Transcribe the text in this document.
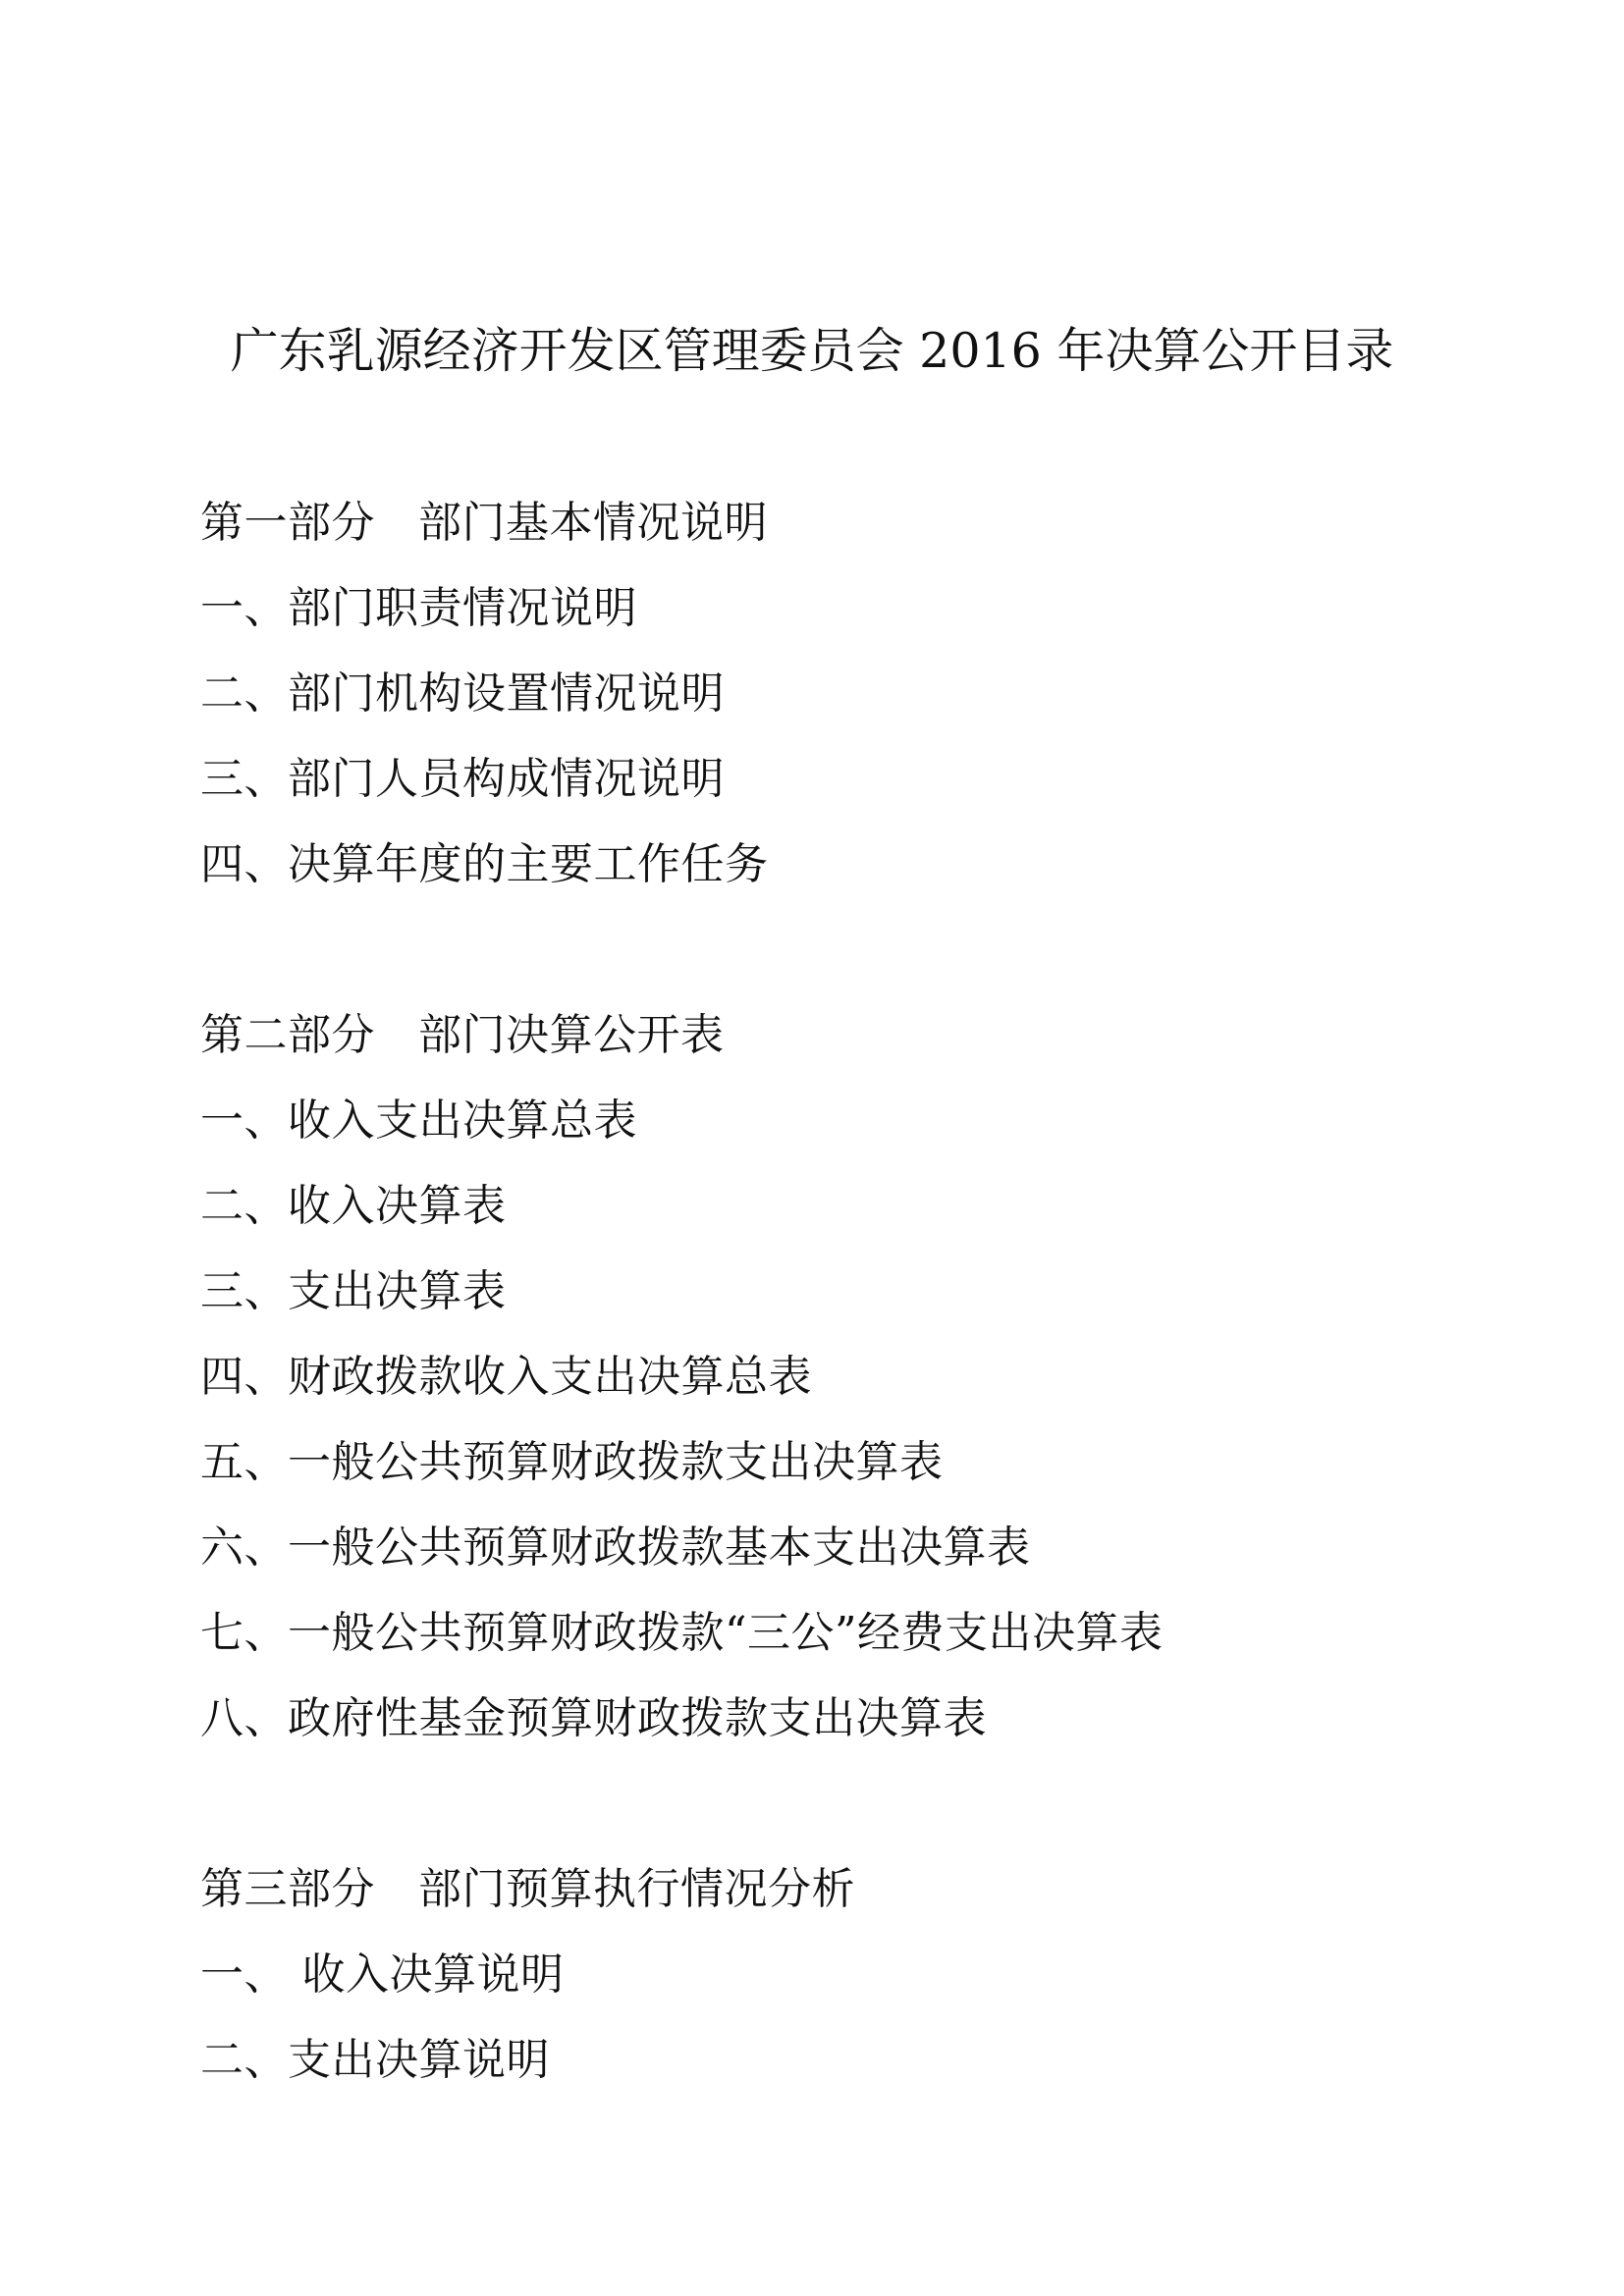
广东乳源经济开发区管理委员会 2016 年决算公开目录
第一部分 部门基本情况说明
一、部门职责情况说明
二、部门机构设置情况说明
三、部门人员构成情况说明
四、决算年度的主要工作任务
第二部分 部门决算公开表
一、收入支出决算总表
二、收入决算表
三、支出决算表
四、财政拨款收入支出决算总表
五、一般公共预算财政拨款支出决算表
六、一般公共预算财政拨款基本支出决算表
七、一般公共预算财政拨款“三公”经费支出决算表
八、政府性基金预算财政拨款支出决算表
第三部分 部门预算执行情况分析
一、 收入决算说明
二、支出决算说明
